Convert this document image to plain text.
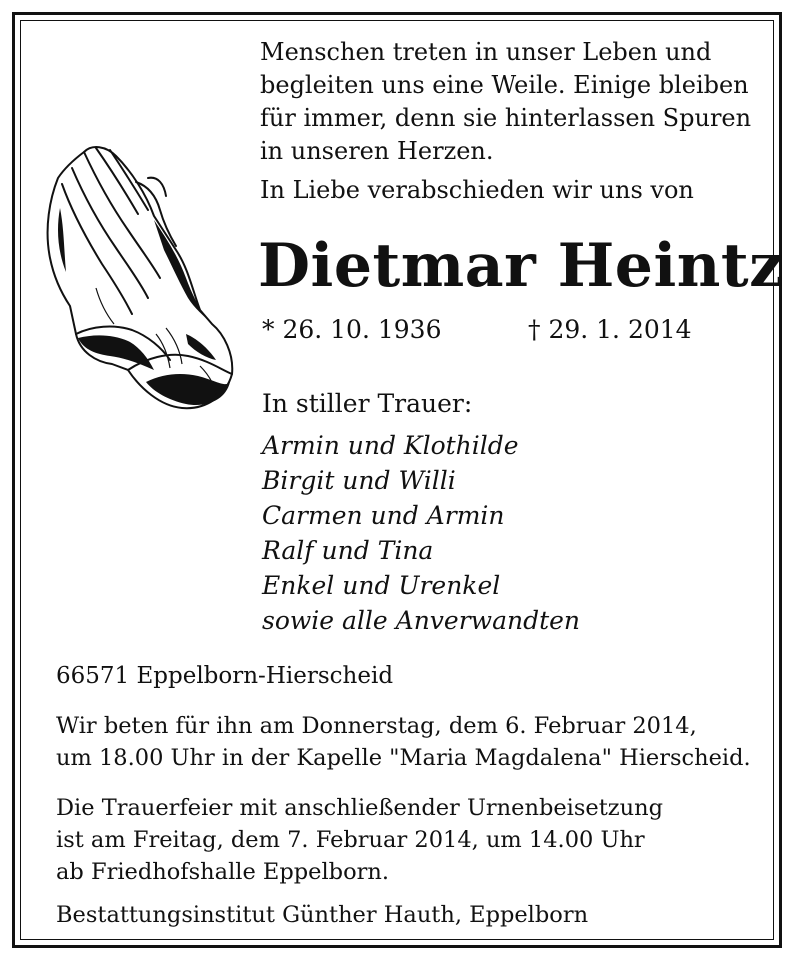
Menschen treten in unser Leben und
begleiten uns eine Weile. Einige bleiben
für immer, denn sie hinterlassen Spuren
in unseren Herzen.
In Liebe verabschieden wir uns von
Dietmar Heintz
* 26. 10. 1936	† 29. 1. 2014
In stiller Trauer:
Armin und Klothilde
Birgit und Willi
Carmen und Armin
Ralf und Tina
Enkel und Urenkel
sowie alle Anverwandten
66571 Eppelborn-Hierscheid
Wir beten für ihn am Donnerstag, dem 6. Februar 2014,
um 18.00 Uhr in der Kapelle "Maria Magdalena" Hierscheid.
Die Trauerfeier mit anschließender Urnenbeisetzung
ist am Freitag, dem 7. Februar 2014, um 14.00 Uhr
ab Friedhofshalle Eppelborn.
Bestattungsinstitut Günther Hauth, Eppelborn
